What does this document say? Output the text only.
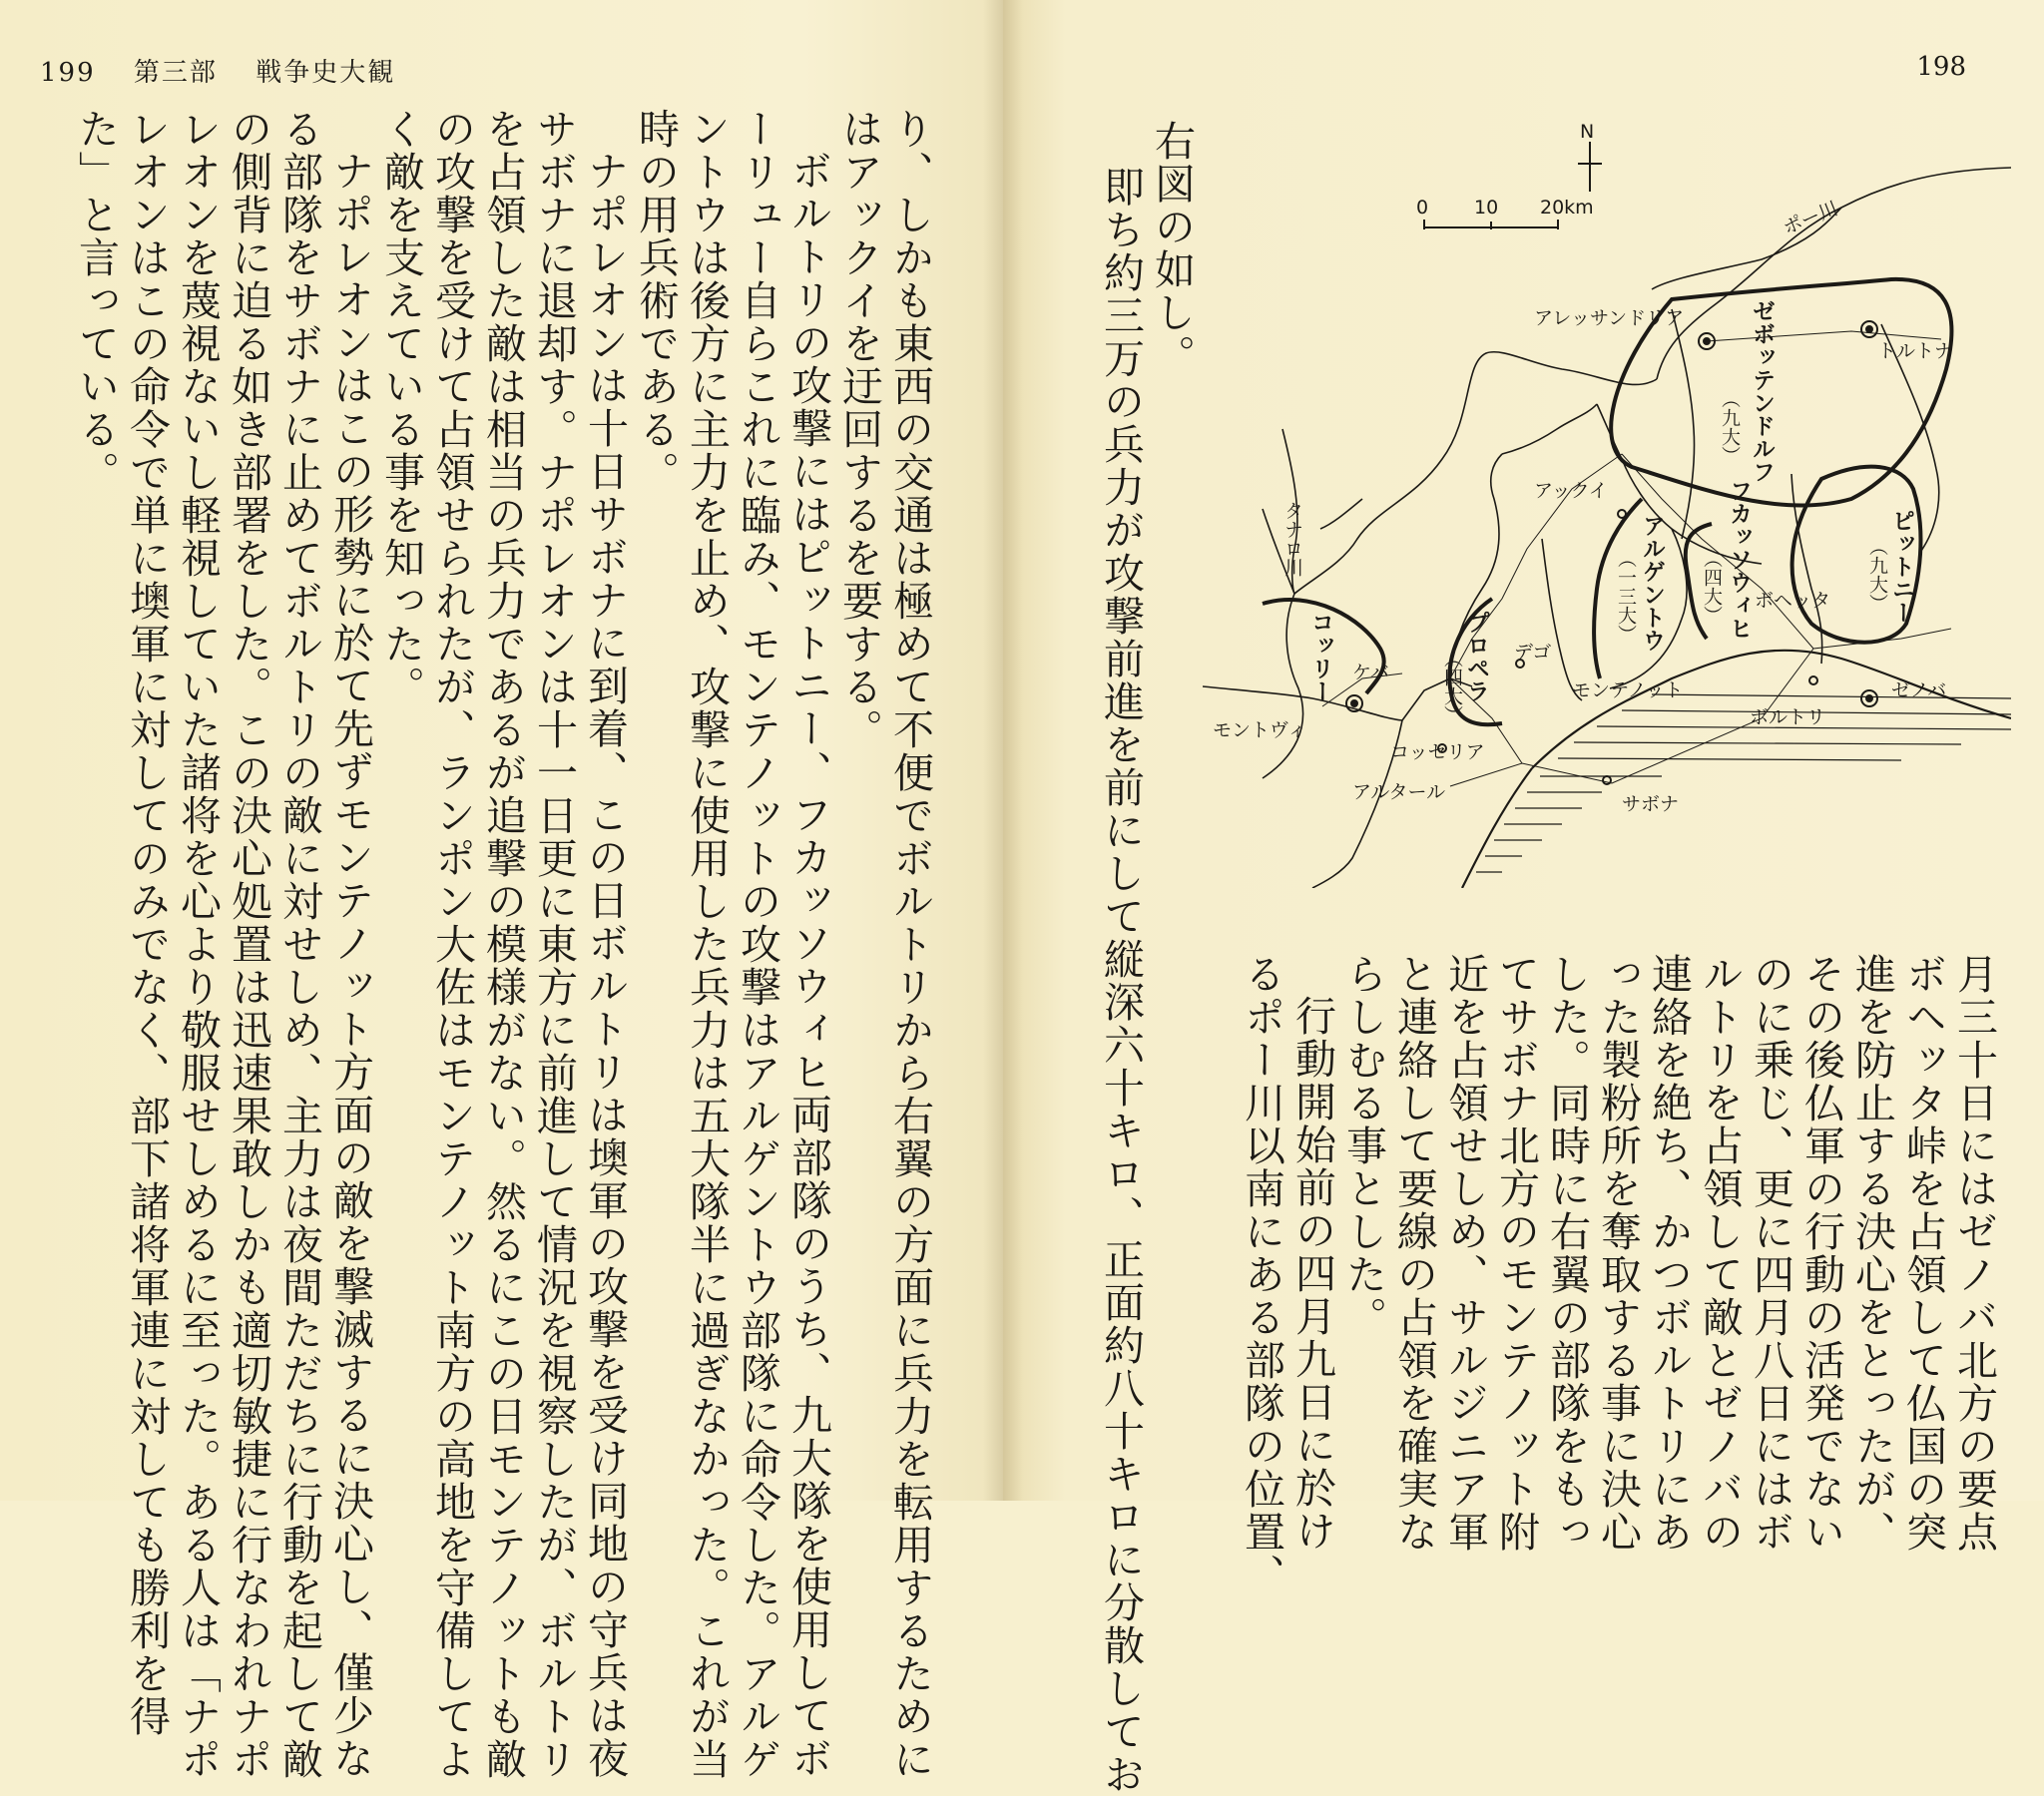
199 第三部 戦争史大観
り、しかも東西の交通は極めて不便でボルトリから右翼の方面に兵力を転用するために
はアックイを迂回するを要する。
ボルトリの攻撃にはピットニー、フカッソウィヒ両部隊のうち、九大隊を使用してボ
ーリュー自らこれに臨み、モンテノットの攻撃はアルゲントウ部隊に命令した。アルゲ
ントウは後方に主力を止め、攻撃に使用した兵力は五大隊半に過ぎなかった。これが当
時の用兵術である。
ナポレオンは十日サボナに到着、この日ボルトリは墺軍の攻撃を受け同地の守兵は夜
サボナに退却す。ナポレオンは十一日更に東方に前進して情況を視察したが、ボルトリ
を占領した敵は相当の兵力であるが追撃の模様がない。然るにこの日モンテノットも敵
の攻撃を受けて占領せられたが、ランポン大佐はモンテノット南方の高地を守備してよ
く敵を支えている事を知った。
ナポレオンはこの形勢に於て先ずモンテノット方面の敵を撃滅するに決心し、僅少な
る部隊をサボナに止めてボルトリの敵に対せしめ、主力は夜間ただちに行動を起して敵
の側背に迫る如き部署をした。この決心処置は迅速果敢しかも適切敏捷に行なわれナポ
レオンを蔑視ないし軽視していた諸将を心より敬服せしめるに至った。ある人は「ナポ
レオンはこの命令で単に墺軍に対してのみでなく、部下諸将軍連に対しても勝利を得
た」と言っている。
198
右図の如し。
即ち約三万の兵力が攻撃前進を前にして縦深六十キロ、正面約八十キロに分散してお	月三十日にはゼノバ北方の要点
ボヘッタ峠を占領して仏国の突
進を防止する決心をとったが、
その後仏軍の行動の活発でない
のに乗じ、更に四月八日にはボ
ルトリを占領して敵とゼノバの
連絡を絶ち、かつボルトリにあ
った製粉所を奪取する事に決心
した。同時に右翼の部隊をもっ
てサボナ北方のモンテノット附
近を占領せしめ、サルジニア軍
と連絡して要線の占領を確実な
らしむる事とした。
行動開始前の四月九日に於け
るポー川以南にある部隊の位置、
N
0 10 20km	ポー川
タナロ川
アレッサンドリア
トルトナ
アックイ
ボヘッタ
デゴ
モンテノット
ケバ
モントヴィ
コッセリア
アルタール
サボナ
ボルトリ
ゼノバ
ゼボッテンドルフ
（九大）
ピットニー
（九大）
アルゲントウ
（一三大）	フカッソウィヒ
（四大）
プロペラ
（四大）
コッリー
